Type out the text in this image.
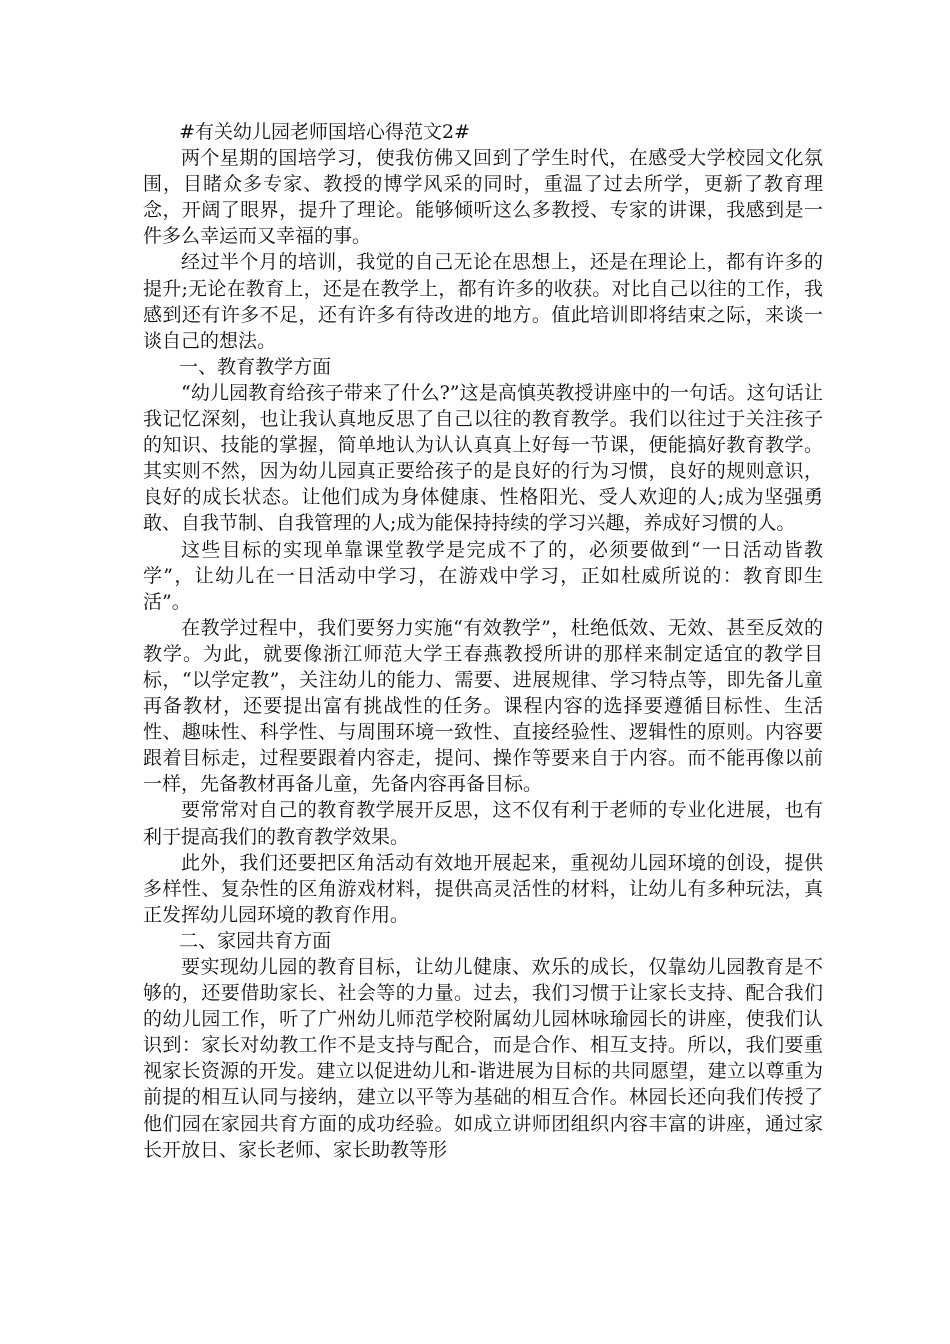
#有关幼儿园老师国培心得范文2#

两个星期的国培学习，使我仿佛又回到了学生时代，在感受大学校园文化氛围，目睹众多专家、教授的博学风采的同时，重温了过去所学，更新了教育理念，开阔了眼界，提升了理论。能够倾听这么多教授、专家的讲课，我感到是一件多么幸运而又幸福的事。

经过半个月的培训，我觉的自己无论在思想上，还是在理论上，都有许多的提升;无论在教育上，还是在教学上，都有许多的收获。对比自己以往的工作，我感到还有许多不足，还有许多有待改进的地方。值此培训即将结束之际，来谈一谈自己的想法。

一、教育教学方面

“幼儿园教育给孩子带来了什么?”这是高慎英教授讲座中的一句话。这句话让我记忆深刻，也让我认真地反思了自己以往的教育教学。我们以往过于关注孩子的知识、技能的掌握，简单地认为认认真真上好每一节课，便能搞好教育教学。其实则不然，因为幼儿园真正要给孩子的是良好的行为习惯，良好的规则意识，良好的成长状态。让他们成为身体健康、性格阳光、受人欢迎的人;成为坚强勇敢、自我节制、自我管理的人;成为能保持持续的学习兴趣，养成好习惯的人。

这些目标的实现单靠课堂教学是完成不了的，必须要做到“一日活动皆教学”，让幼儿在一日活动中学习，在游戏中学习，正如杜威所说的：教育即生活”。

在教学过程中，我们要努力实施“有效教学”，杜绝低效、无效、甚至反效的教学。为此，就要像浙江师范大学王春燕教授所讲的那样来制定适宜的教学目标，“以学定教”，关注幼儿的能力、需要、进展规律、学习特点等，即先备儿童再备教材，还要提出富有挑战性的任务。课程内容的选择要遵循目标性、生活性、趣味性、科学性、与周围环境一致性、直接经验性、逻辑性的原则。内容要跟着目标走，过程要跟着内容走，提问、操作等要来自于内容。而不能再像以前一样，先备教材再备儿童，先备内容再备目标。

要常常对自己的教育教学展开反思，这不仅有利于老师的专业化进展，也有利于提高我们的教育教学效果。

此外，我们还要把区角活动有效地开展起来，重视幼儿园环境的创设，提供多样性、复杂性的区角游戏材料，提供高灵活性的材料，让幼儿有多种玩法，真正发挥幼儿园环境的教育作用。

二、家园共育方面

要实现幼儿园的教育目标，让幼儿健康、欢乐的成长，仅靠幼儿园教育是不够的，还要借助家长、社会等的力量。过去，我们习惯于让家长支持、配合我们的幼儿园工作，听了广州幼儿师范学校附属幼儿园林咏瑜园长的讲座，使我们认识到：家长对幼教工作不是支持与配合，而是合作、相互支持。所以，我们要重视家长资源的开发。建立以促进幼儿和-谐进展为目标的共同愿望，建立以尊重为前提的相互认同与接纳，建立以平等为基础的相互合作。林园长还向我们传授了他们园在家园共育方面的成功经验。如成立讲师团组织内容丰富的讲座，通过家长开放日、家长老师、家长助教等形
